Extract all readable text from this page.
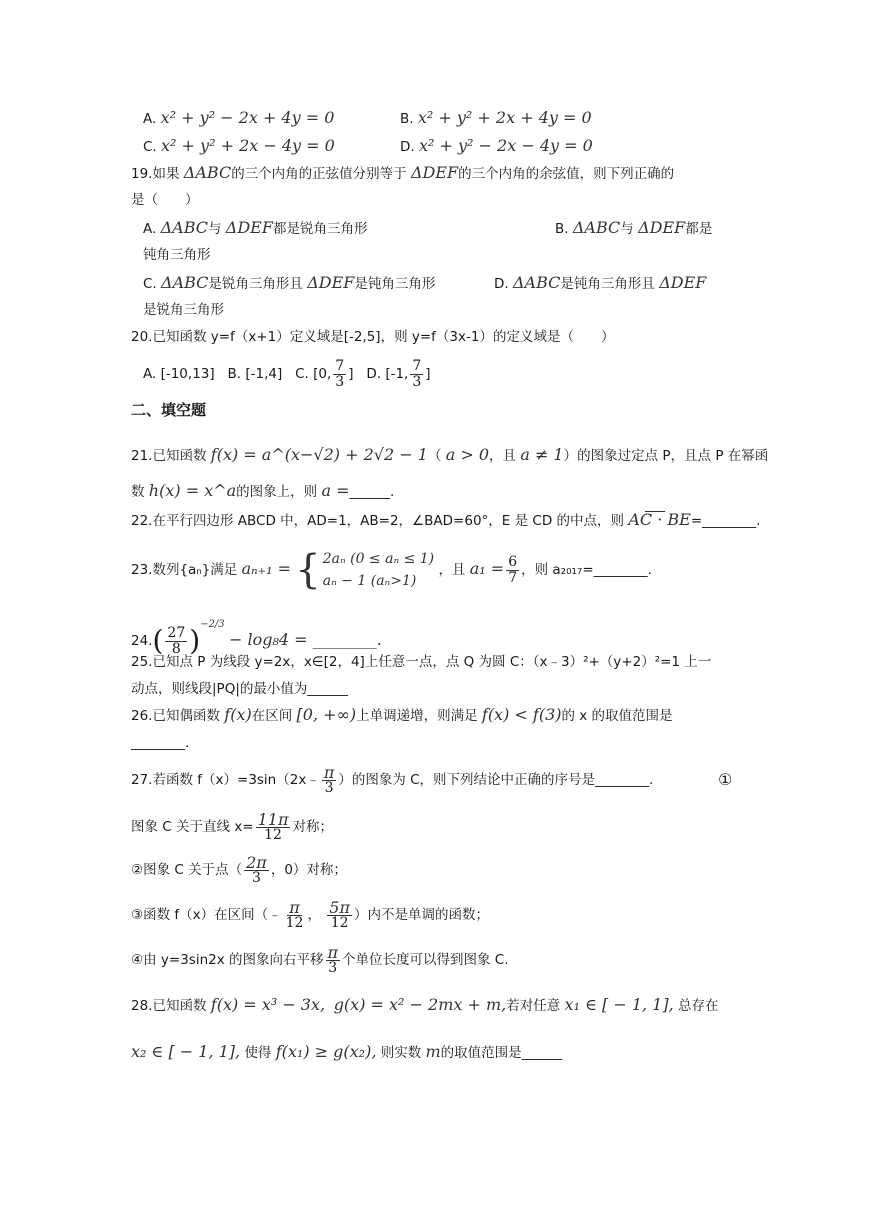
A. x² + y² − 2x + 4y = 0	B. x² + y² + 2x + 4y = 0
C. x² + y² + 2x − 4y = 0	D. x² + y² − 2x − 4y = 0
19.如果 ΔABC的三个内角的正弦值分别等于 ΔDEF的三个内角的余弦值，则下列正确的
是（　　）
A. ΔABC与 ΔDEF都是锐角三角形	B. ΔABC与 ΔDEF都是
钝角三角形
C. ΔABC是锐角三角形且 ΔDEF是钝角三角形	D. ΔABC是钝角三角形且 ΔDEF
是锐角三角形
20.已知函数 y=f（x+1）定义域是[-2,5]，则 y=f（3x-1）的定义域是（　　）
A. [-10,13] B. [-1,4] C. [0, $\frac{7}{3}$ ] D. [-1, $\frac{7}{3}$ ]
二、填空题
21.已知函数 f(x) = a^(x−√2) + 2√2 − 1（ a > 0，且 a ≠ 1）的图象过定点 P，且点 P 在幂函
数 h(x) = x^a的图象上，则 a =______.
22.在平行四边形 ABCD 中，AD=1，AB=2，∠BAD=60°，E 是 CD 的中点，则 AC · BE=________.
23.数列{aₙ}满足 aₙ₊₁ = { 2aₙ (0 ≤ aₙ ≤ 1)
aₙ − 1 (aₙ>1)
，且 $a_1 = \frac{6}{7}$ ，则 a₂₀₁₇=________.
$24.( \frac{27}{8} )^{-2/3} - \log_84$ = ________.
25.已知点 P 为线段 y=2x，x∈[2，4]上任意一点，点 Q 为圆 C：（x﹣3）²+（y+2）²=1 上一
动点，则线段|PQ|的最小值为______
26.已知偶函数 f(x)在区间 [0, +∞)上单调递增，则满足 f(x) < f(3)的 x 的取值范围是
________.
27.若函数 f（x）=3sin（2x﹣ $\frac{\pi}{3}$ ）的图象为 C，则下列结论中正确的序号是________.	①
图象 C 关于直线 $x= \frac{11\pi}{12}$ 对称；
②图象 C 关于点（ $\frac{2\pi}{3}$ ，0）对称；
③函数 f（x）在区间（﹣ $\frac{\pi}{12}$ ， $\frac{5\pi}{12}$ ）内不是单调的函数；
④由 y=3sin2x 的图象向右平移 $\frac{\pi}{3}$ 个单位长度可以得到图象 C.
28.已知函数 f(x) = x³ − 3x, g(x) = x² − 2mx + m,若对任意 x₁ ∈ [ − 1, 1], 总存在
x₂ ∈ [ − 1, 1], 使得 f(x₁) ≥ g(x₂), 则实数 m的取值范围是______
